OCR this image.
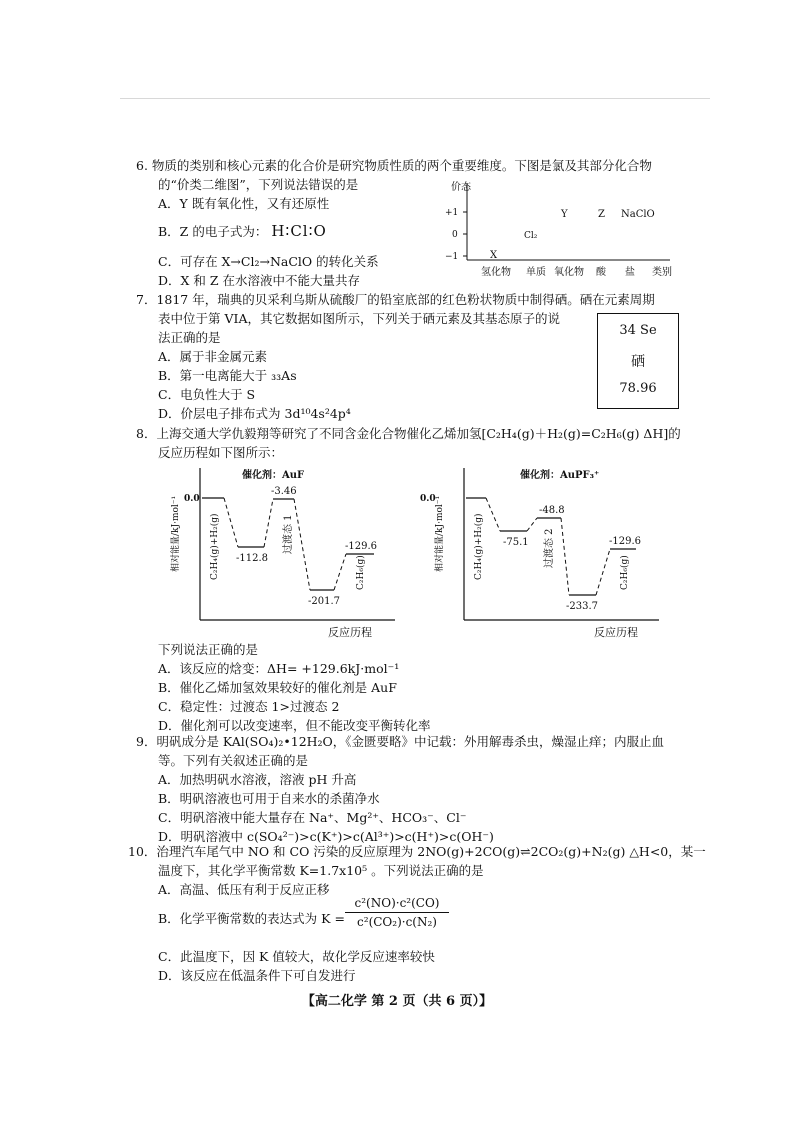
6. 物质的类别和核心元素的化合价是研究物质性质的两个重要维度。下图是氯及其部分化合物
的“价类二维图”，下列说法错误的是
A．Y 既有氧化性，又有还原性
B．Z 的电子式为： H∶Cl∶O
C．可存在 X→Cl₂→NaClO 的转化关系
D．X 和 Z 在水溶液中不能大量共存
价态
+1
0
−1
氢化物 单质 氧化物 酸 盐 类别
X
Cl₂
Y	Z NaClO
7．1817 年，瑞典的贝采利乌斯从硫酸厂的铅室底部的红色粉状物质中制得硒。硒在元素周期
表中位于第 VIA，其它数据如图所示，下列关于硒元素及其基态原子的说
法正确的是
A．属于非金属元素
B．第一电离能大于 ₃₃As
C．电负性大于 S
D．价层电子排布式为 3d¹⁰4s²4p⁴
34 Se
硒
78.96
8．上海交通大学仇毅翔等研究了不同含金化合物催化乙烯加氢[C₂H₄(g)＋H₂(g)=C₂H₆(g) ΔH]的
反应历程如下图所示：
催化剂：AuF
相对能量/kJ·mol⁻¹
反应历程
0.0
-112.8
-3.46
-201.7
-129.6
C₂H₄(g)+H₂(g)	过渡态 1
C₂H₆(g)
催化剂：AuPF₃⁺
相对能量/kJ·mol⁻¹
反应历程
0.0
-75.1
-48.8
-233.7
-129.6
C₂H₄(g)+H₂(g)	过渡态 2
C₂H₆(g)
下列说法正确的是
A．该反应的焓变：ΔH= +129.6kJ·mol⁻¹
B．催化乙烯加氢效果较好的催化剂是 AuF
C．稳定性：过渡态 1>过渡态 2
D．催化剂可以改变速率，但不能改变平衡转化率
9．明矾成分是 KAl(SO₄)₂•12H₂O，《金匮要略》中记载：外用解毒杀虫，燥湿止痒；内服止血
等。下列有关叙述正确的是
A．加热明矾水溶液，溶液 pH 升高
B．明矾溶液也可用于自来水的杀菌净水
C．明矾溶液中能大量存在 Na⁺、Mg²⁺、HCO₃⁻、Cl⁻
D．明矾溶液中 c(SO₄²⁻)>c(K⁺)>c(Al³⁺)>c(H⁺)>c(OH⁻)
10．治理汽车尾气中 NO 和 CO 污染的反应原理为 2NO(g)+2CO(g)⇌2CO₂(g)+N₂(g) △H<0，某一
温度下，其化学平衡常数 K=1.7x10⁵ 。下列说法正确的是
A．高温、低压有利于反应正移
B．化学平衡常数的表达式为 $K = \frac{\text{c²(NO)·c²(CO)}}{\text{c²(CO₂)·c(N₂)}}$
C．此温度下，因 K 值较大，故化学反应速率较快
D．该反应在低温条件下可自发进行
【高二化学 第 2 页（共 6 页）】
